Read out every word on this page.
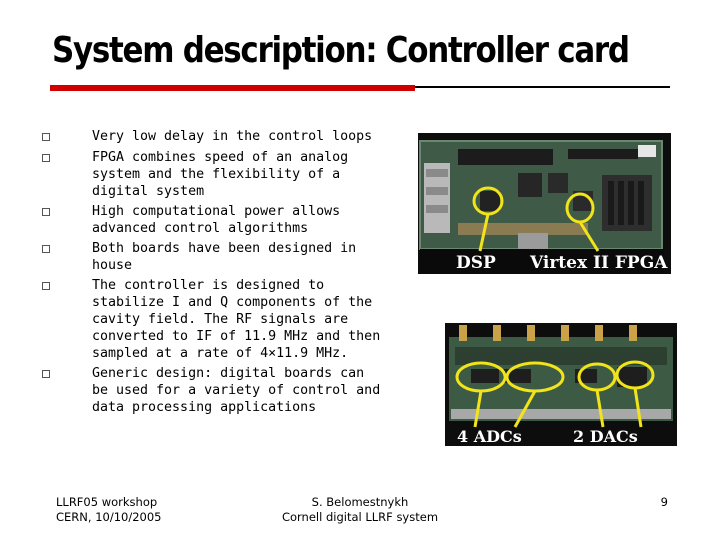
System description: Controller card
Very low delay in the control loops
FPGA combines speed of an analog system and the flexibility of a digital system
High computational power allows advanced control algorithms
Both boards have been designed in house
The controller is designed to stabilize I and Q components of the cavity field. The RF signals are converted to IF of 11.9 MHz and then sampled at a rate of 4×11.9 MHz.
Generic design: digital boards can be used for a variety of control and data processing applications
DSP Virtex II FPGA
4 ADCs	2 DACs
LLRF05 workshop
CERN, 10/10/2005
S. Belomestnykh
Cornell digital LLRF system
9
